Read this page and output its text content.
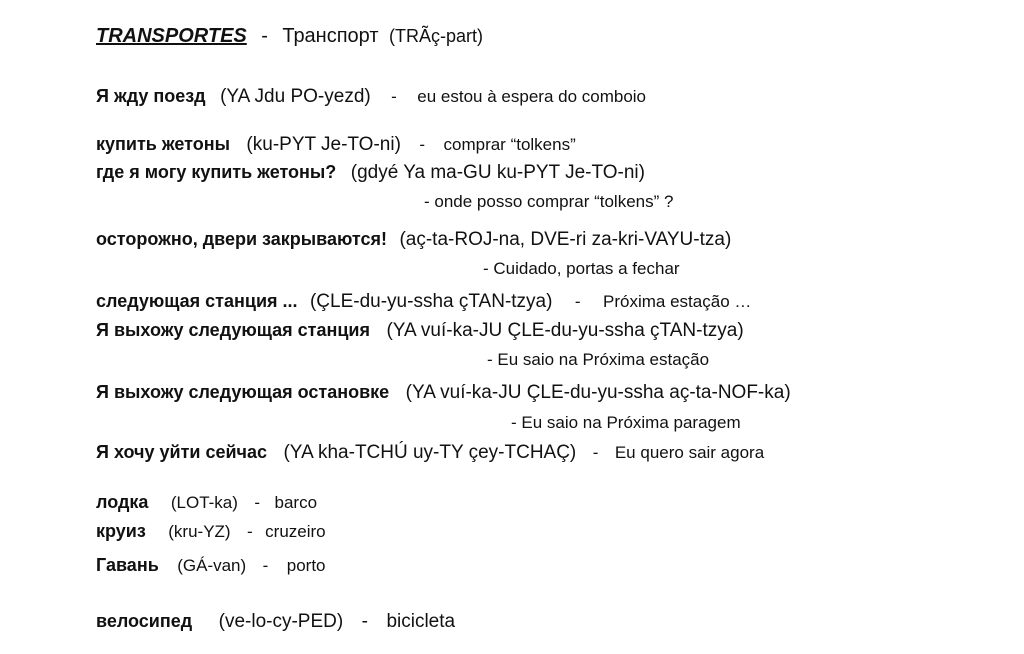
TRANSPORTES - Транспорт (TRÃç-part)
Я жду поезд (YA Jdu PO-yezd) - eu estou à espera do comboio
купить жетоны (ku-PYT Je-TO-ni) - comprar “tolkens”
где я могу купить жетоны? (gdyé Ya ma-GU ku-PYT Je-TO-ni)
- onde posso comprar “tolkens” ?
осторожно, двери закрываются! (aç-ta-ROJ-na, DVE-ri za-kri-VAYU-tza)
- Cuidado, portas a fechar
следующая станция ... (ÇLE-du-yu-ssha çTAN-tzya) - Próxima estação …
Я выхожу следующая станция (YA vuí-ka-JU ÇLE-du-yu-ssha çTAN-tzya)
- Eu saio na Próxima estação
Я выхожу следующая остановке (YA vuí-ka-JU ÇLE-du-yu-ssha aç-ta-NOF-ka)
- Eu saio na Próxima paragem
Я хочу уйти сейчас (YA kha-TCHÚ uy-TY çey-TCHAÇ) - Eu quero sair agora
лодка (LOT-ka) - barco
круиз (kru-YZ) - cruzeiro
Гавань (GÁ-van) - porto
велосипед (ve-lo-cy-PED) - bicicleta
